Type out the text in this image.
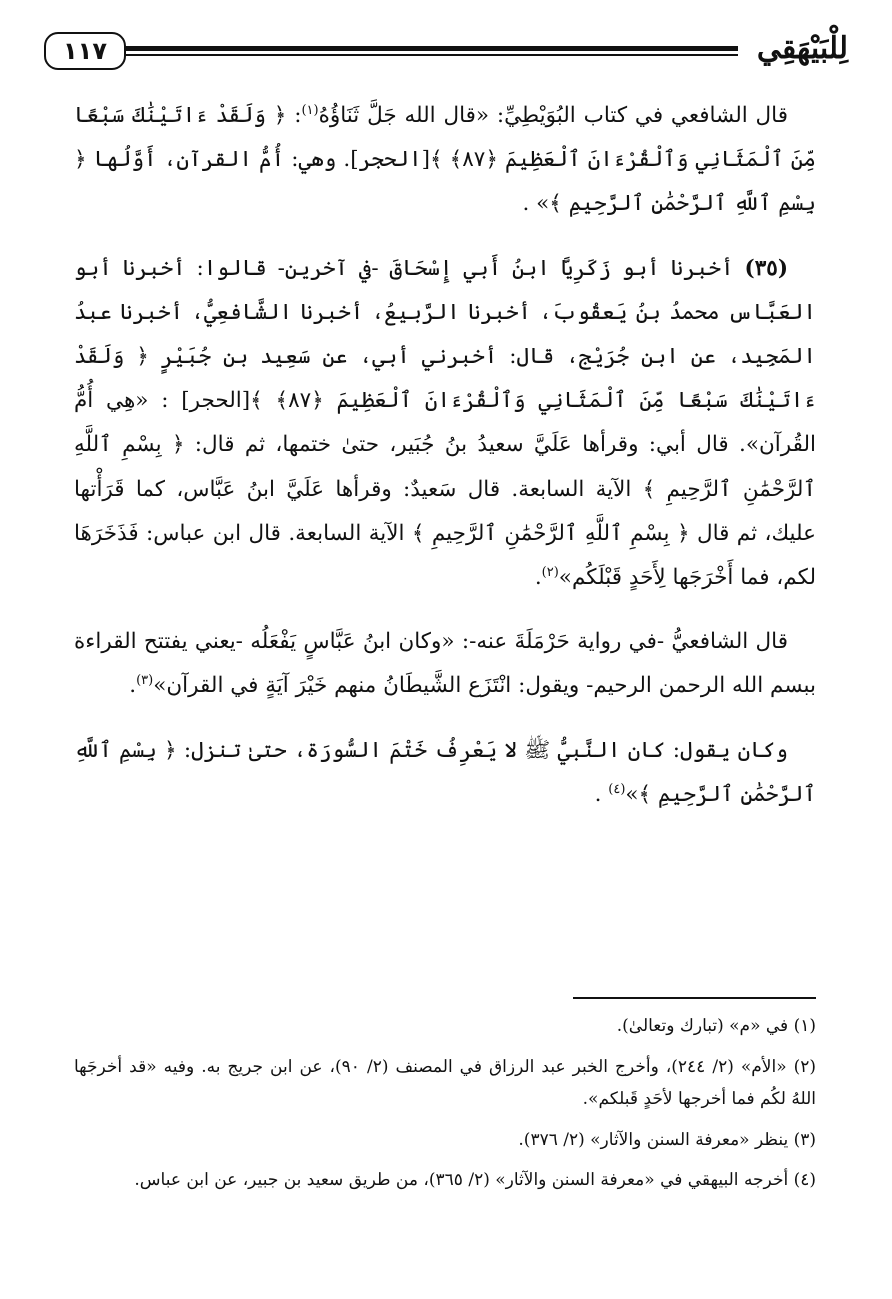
١١٧	لِلْبَيْهَقِي

قال الشافعي في كتاب البُوَيْطِيِّ: «قال الله جَلَّ ثَنَاؤُهُ$^{(١)}$: ﴿ وَلَقَدْ ءَاتَيْنَٰكَ سَبْعًا مِّنَ ٱلْمَثَانِي وَٱلْقُرْءَانَ ٱلْعَظِيمَ ﴿٨٧﴾ ﴾[الحجر]. وهي: أُمُّ القرآن، أَوَّلُها ﴿ بِسْمِ ٱللَّهِ ٱلرَّحْمَٰنِ ٱلرَّحِيمِ ﴾» .

(٣٥) أخبرنا أبو زَكَرِيَّا ابنُ أَبي إِسْحَاقَ -في آخرين- قالوا: أخبرنا أبو العَبَّاس محمدُ بنُ يَعقُوبَ، أخبرنا الرَّبيعُ، أخبرنا الشَّافعِيُّ، أخبرنا عبدُ المَجِيد، عن ابن جُرَيْج، قال: أخبرني أبي، عن سَعِيد بن جُبَيْرٍ ﴿ وَلَقَدْ ءَاتَيْنَٰكَ سَبْعًا مِّنَ ٱلْمَثَانِي وَٱلْقُرْءَانَ ٱلْعَظِيمَ ﴿٨٧﴾ ﴾[الحجر] : «هِي أُمُّ القُرآن». قال أبي: وقرأها عَلَيَّ سعيدُ بنُ جُبَير، حتىٰ ختمها، ثم قال: ﴿ بِسْمِ ٱللَّهِ ٱلرَّحْمَٰنِ ٱلرَّحِيمِ ﴾ الآية السابعة. قال سَعيدٌ: وقرأها عَلَيَّ ابنُ عَبَّاس، كما قَرَأْتها عليك، ثم قال ﴿ بِسْمِ ٱللَّهِ ٱلرَّحْمَٰنِ ٱلرَّحِيمِ ﴾ الآية السابعة. قال ابن عباس: فَذَخَرَهَا لكم، فما أَخْرَجَها لِأَحَدٍ قَبْلَكُم»$^{(٢)}$.

قال الشافعيُّ -في رواية حَرْمَلَةَ عنه-: «وكان ابنُ عَبَّاسٍ يَفْعَلُه -يعني يفتتح القراءة ببسم الله الرحمن الرحيم- ويقول: انْتَزَع الشَّيطَانُ منهم خَيْرَ آيَةٍ في القرآن»$^{(٣)}$.

وكان يقول: كان النَّبيُّ ﷺ لا يَعْرِفُ خَتْمَ السُّورَة، حتىٰ تنزل: ﴿ بِسْمِ ٱللَّهِ ٱلرَّحْمَٰنِ ٱلرَّحِيمِ ﴾»$^{(٤)}$ .

(١) في «م» (تبارك وتعالىٰ).
(٢) «الأم» (٢/ ٢٤٤)، وأخرج الخبر عبد الرزاق في المصنف (٢/ ٩٠)، عن ابن جريج به. وفيه «قد أخرجَها اللهُ لكُم فما أخرجها لأحَدٍ قَبلكم».
(٣) ينظر «معرفة السنن والآثار» (٢/ ٣٧٦).
(٤) أخرجه البيهقي في «معرفة السنن والآثار» (٢/ ٣٦٥)، من طريق سعيد بن جبير، عن ابن عباس.
